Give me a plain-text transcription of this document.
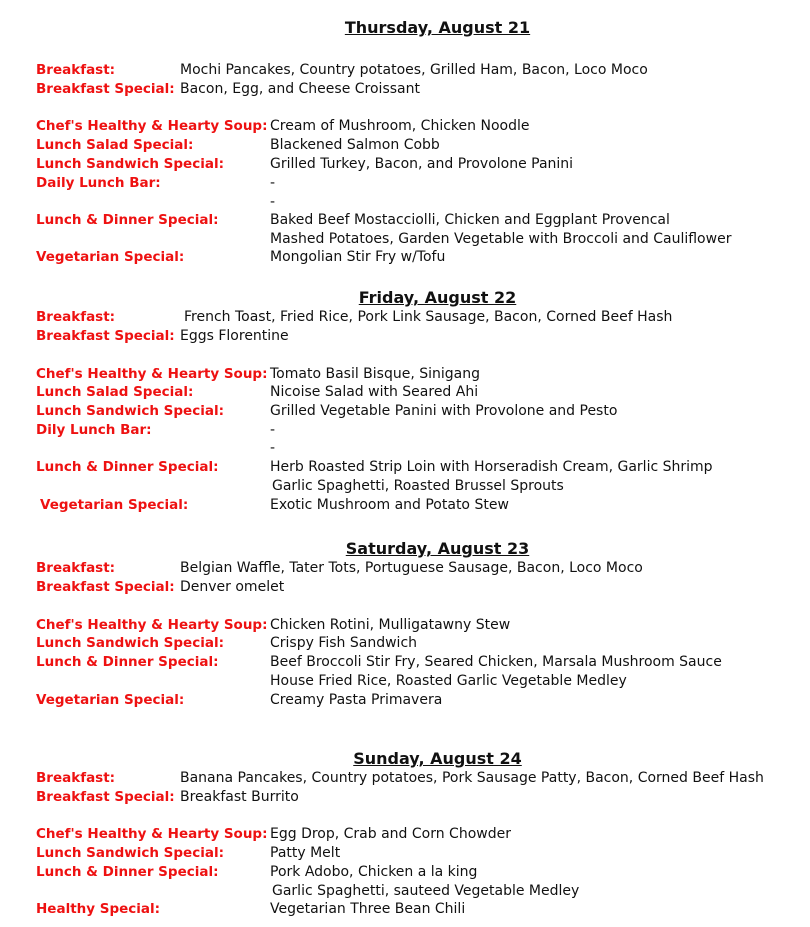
Thursday, August 21
Breakfast:	Mochi Pancakes, Country potatoes, Grilled Ham, Bacon, Loco Moco
Breakfast Special: Bacon, Egg, and Cheese Croissant
Chef's Healthy & Hearty Soup: Cream of Mushroom, Chicken Noodle
Lunch Salad Special:	Blackened Salmon Cobb
Lunch Sandwich Special:	Grilled Turkey, Bacon, and Provolone Panini
Daily Lunch Bar:	-
-
Lunch & Dinner Special:	Baked Beef Mostacciolli, Chicken and Eggplant Provencal
Mashed Potatoes, Garden Vegetable with Broccoli and Cauliflower
Vegetarian Special:	Mongolian Stir Fry w/Tofu
Friday, August 22
Breakfast:	French Toast, Fried Rice, Pork Link Sausage, Bacon, Corned Beef Hash
Breakfast Special: Eggs Florentine
Chef's Healthy & Hearty Soup: Tomato Basil Bisque, Sinigang
Lunch Salad Special:	Nicoise Salad with Seared Ahi
Lunch Sandwich Special:	Grilled Vegetable Panini with Provolone and Pesto
Dily Lunch Bar:	-
-
Lunch & Dinner Special:	Herb Roasted Strip Loin with Horseradish Cream, Garlic Shrimp
Garlic Spaghetti, Roasted Brussel Sprouts
Vegetarian Special:	Exotic Mushroom and Potato Stew
Saturday, August 23
Breakfast:	Belgian Waffle, Tater Tots, Portuguese Sausage, Bacon, Loco Moco
Breakfast Special: Denver omelet
Chef's Healthy & Hearty Soup: Chicken Rotini, Mulligatawny Stew
Lunch Sandwich Special:	Crispy Fish Sandwich
Lunch & Dinner Special:	Beef Broccoli Stir Fry, Seared Chicken, Marsala Mushroom Sauce
House Fried Rice, Roasted Garlic Vegetable Medley
Vegetarian Special:	Creamy Pasta Primavera
Sunday, August 24
Breakfast:	Banana Pancakes, Country potatoes, Pork Sausage Patty, Bacon, Corned Beef Hash
Breakfast Special: Breakfast Burrito
Chef's Healthy & Hearty Soup: Egg Drop, Crab and Corn Chowder
Lunch Sandwich Special:	Patty Melt
Lunch & Dinner Special:	Pork Adobo, Chicken a la king
Garlic Spaghetti, sauteed Vegetable Medley
Healthy Special:	Vegetarian Three Bean Chili
